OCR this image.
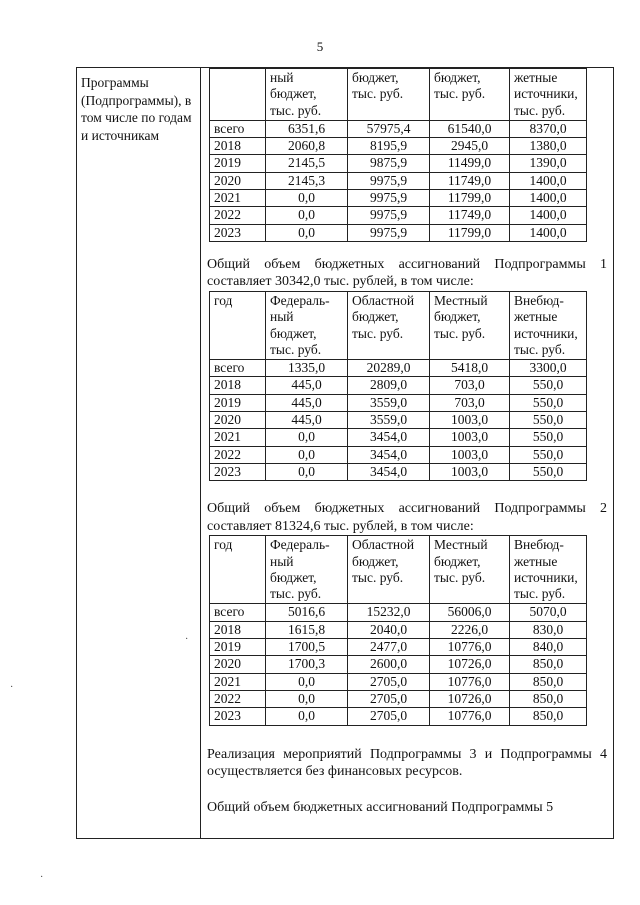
5
·
·
·
Программы (Подпрограммы), в том числе по годам и источникам
	ный бюджет, тыс. руб.	бюджет, тыс. руб.	бюджет, тыс. руб.	жетные источники, тыс. руб.
всего	6351,6	57975,4	61540,0	8370,0
2018	2060,8	8195,9	2945,0	1380,0
2019	2145,5	9875,9	11499,0	1390,0
2020	2145,3	9975,9	11749,0	1400,0
2021	0,0	9975,9	11799,0	1400,0
2022	0,0	9975,9	11749,0	1400,0
2023	0,0	9975,9	11799,0	1400,0
Общий объем бюджетных ассигнований Подпрограммы 1 составляет 30342,0 тыс. рублей, в том числе:
год	Федераль-ный бюджет, тыс. руб.	Областной бюджет, тыс. руб.	Местный бюджет, тыс. руб.	Внебюд-жетные источники, тыс. руб.
всего	1335,0	20289,0	5418,0	3300,0
2018	445,0	2809,0	703,0	550,0
2019	445,0	3559,0	703,0	550,0
2020	445,0	3559,0	1003,0	550,0
2021	0,0	3454,0	1003,0	550,0
2022	0,0	3454,0	1003,0	550,0
2023	0,0	3454,0	1003,0	550,0
Общий объем бюджетных ассигнований Подпрограммы 2 составляет 81324,6 тыс. рублей, в том числе:
год	Федераль-ный бюджет, тыс. руб.	Областной бюджет, тыс. руб.	Местный бюджет, тыс. руб.	Внебюд-жетные источники, тыс. руб.
всего	5016,6	15232,0	56006,0	5070,0
2018	1615,8	2040,0	2226,0	830,0
2019	1700,5	2477,0	10776,0	840,0
2020	1700,3	2600,0	10726,0	850,0
2021	0,0	2705,0	10776,0	850,0
2022	0,0	2705,0	10726,0	850,0
2023	0,0	2705,0	10776,0	850,0
Реализация мероприятий Подпрограммы 3 и Подпрограммы 4 осуществляется без финансовых ресурсов.
Общий объем бюджетных ассигнований Подпрограммы 5
